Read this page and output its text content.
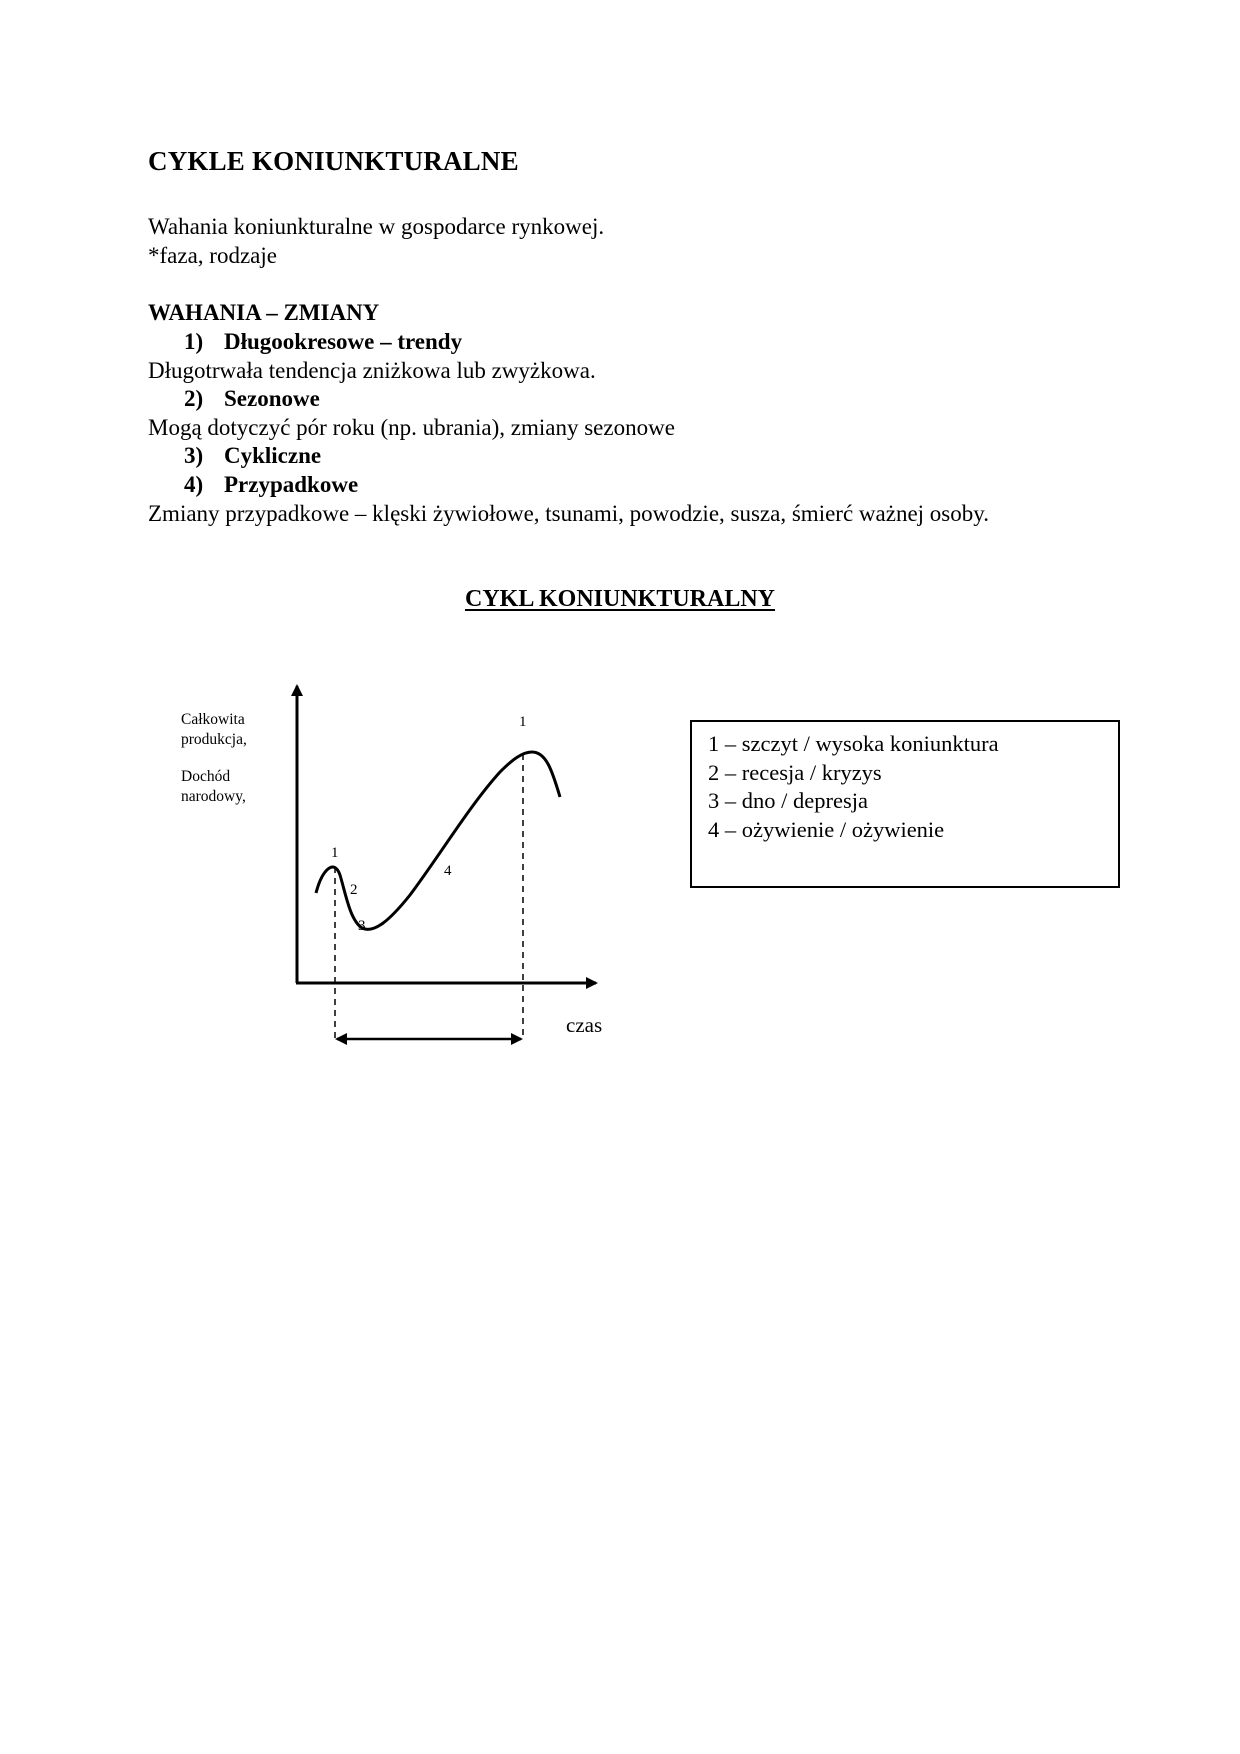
CYKLE KONIUNKTURALNE
Wahania koniunkturalne w gospodarce rynkowej.
*faza, rodzaje
WAHANIA – ZMIANY
1) Długookresowe – trendy
Długotrwała tendencja zniżkowa lub zwyżkowa.
2) Sezonowe
Mogą dotyczyć pór roku (np. ubrania), zmiany sezonowe
3) Cykliczne
4) Przypadkowe
Zmiany przypadkowe – klęski żywiołowe, tsunami, powodzie, susza, śmierć ważnej osoby.
CYKL KONIUNKTURALNY
Całkowita
produkcja,
Dochód
narodowy,
1
2
3
4
1
czas
1 – szczyt / wysoka koniunktura
2 – recesja / kryzys
3 – dno / depresja
4 – ożywienie / ożywienie
